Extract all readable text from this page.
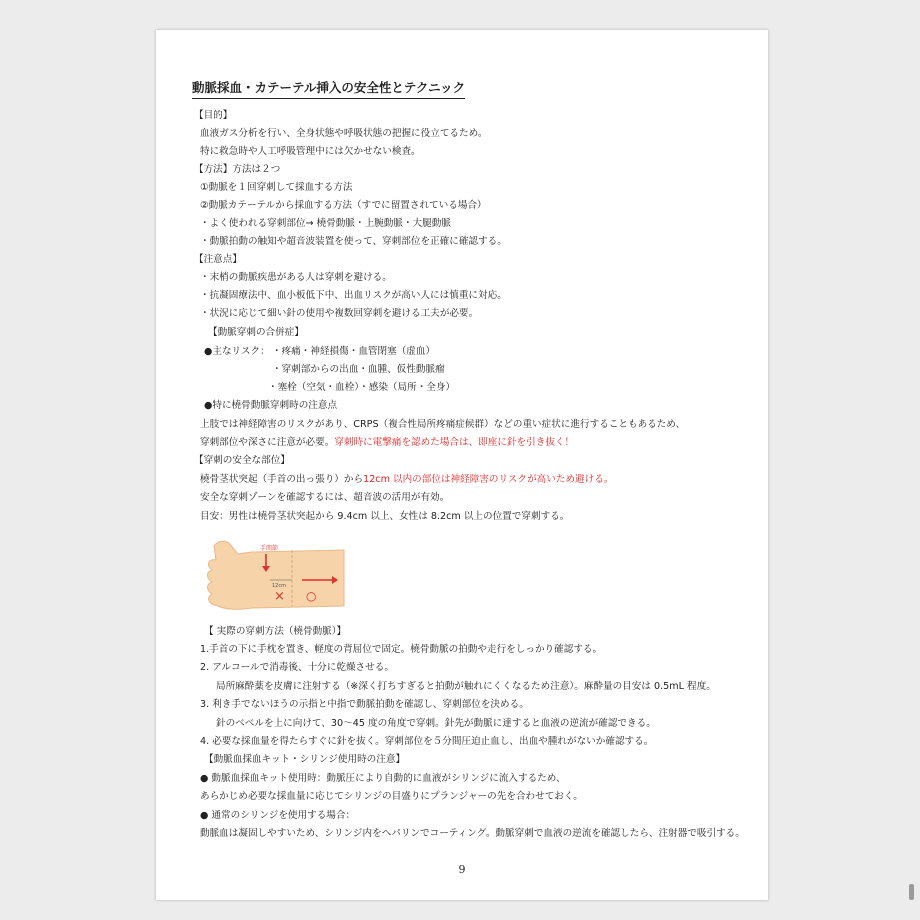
動脈採血・カテーテル挿入の安全性とテクニック
【目的】
血液ガス分析を行い、全身状態や呼吸状態の把握に役立てるため。
特に救急時や人工呼吸管理中には欠かせない検査。
【方法】方法は２つ
①動脈を１回穿刺して採血する方法
②動脈カテーテルから採血する方法（すでに留置されている場合）
・よく使われる穿刺部位→ 橈骨動脈・上腕動脈・大腿動脈
・動脈拍動の触知や超音波装置を使って、穿刺部位を正確に確認する。
【注意点】
・末梢の動脈疾患がある人は穿刺を避ける。
・抗凝固療法中、血小板低下中、出血リスクが高い人には慎重に対応。
・状況に応じて細い針の使用や複数回穿刺を避ける工夫が必要。
【動脈穿刺の合併症】
●主なリスク： ・疼痛・神経損傷・血管閉塞（虚血）
・穿刺部からの出血・血腫、仮性動脈瘤
・塞栓（空気・血栓）・感染（局所・全身）
●特に橈骨動脈穿刺時の注意点
上肢では神経障害のリスクがあり、CRPS（複合性局所疼痛症候群）などの重い症状に進行することもあるため、
穿刺部位や深さに注意が必要。穿刺時に電撃痛を認めた場合は、即座に針を引き抜く！
【穿刺の安全な部位】
橈骨茎状突起（手首の出っ張り）から12cm 以内の部位は神経障害のリスクが高いため避ける。
安全な穿刺ゾーンを確認するには、超音波の活用が有効。
目安：男性は橈骨茎状突起から 9.4cm 以上、女性は 8.2cm 以上の位置で穿刺する。
手関節
12cm
× ○
【 実際の穿刺方法（橈骨動脈）】
1.手首の下に手枕を置き、軽度の背屈位で固定。橈骨動脈の拍動や走行をしっかり確認する。
2. アルコールで消毒後、十分に乾燥させる。
局所麻酔薬を皮膚に注射する（※深く打ちすぎると拍動が触れにくくなるため注意）。麻酔量の目安は 0.5mL 程度。
3. 利き手でないほうの示指と中指で動脈拍動を確認し、穿刺部位を決める。
針のベベルを上に向けて、30～45 度の角度で穿刺。針先が動脈に達すると血液の逆流が確認できる。
4. 必要な採血量を得たらすぐに針を抜く。穿刺部位を５分間圧迫止血し、出血や腫れがないか確認する。
【動脈血採血キット・シリンジ使用時の注意】
● 動脈血採血キット使用時：動脈圧により自動的に血液がシリンジに流入するため、
あらかじめ必要な採血量に応じてシリンジの目盛りにプランジャーの先を合わせておく。
● 通常のシリンジを使用する場合：
動脈血は凝固しやすいため、シリンジ内をヘパリンでコーティング。動脈穿刺で血液の逆流を確認したら、注射器で吸引する。
9
